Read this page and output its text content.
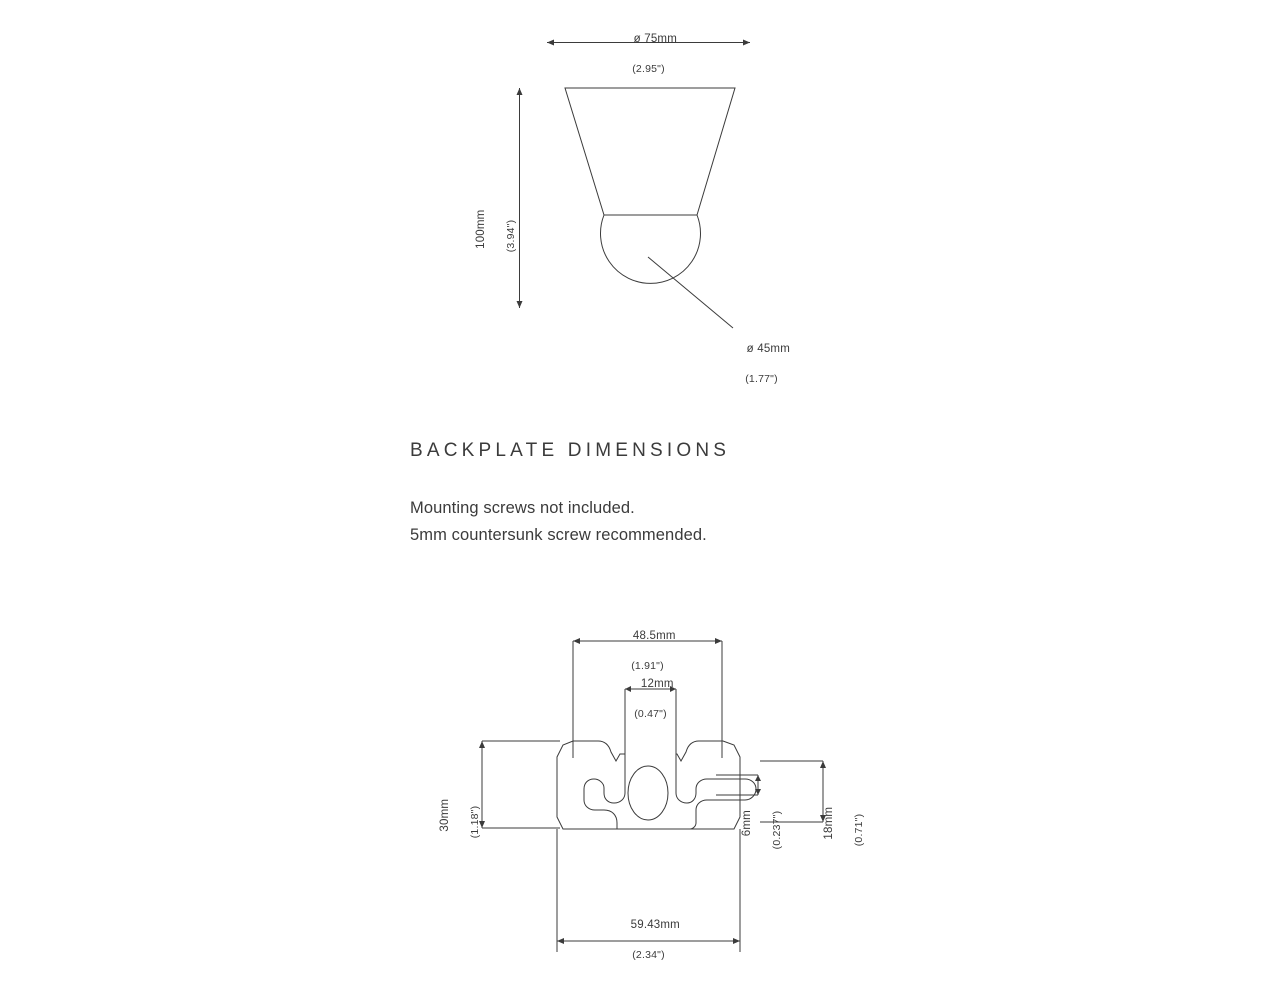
ø 75mm

(2.95")

100mm
(3.94")

ø 45mm

(1.77")

BACKPLATE DIMENSIONS
Mounting screws not included.
5mm countersunk screw recommended.

48.5mm

(1.91")

12mm

(0.47")

30mm
(1.18")

	6mm
(0.237")

	18mm
(0.71")

59.43mm

(2.34")
